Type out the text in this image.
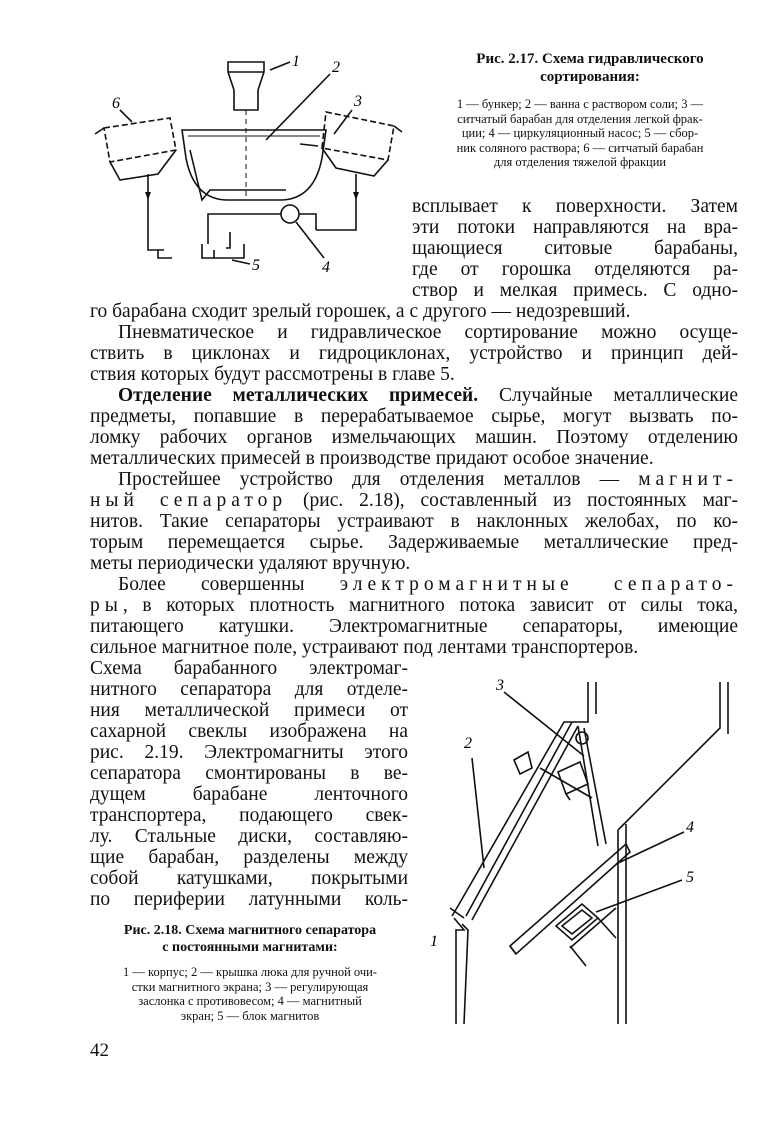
1 2
3
4
5
6
Рис. 2.17. Схема гидравлического
сортирования:
1 — бункер; 2 — ванна с раствором соли; 3 —
ситчатый барабан для отделения легкой фрак-
ции; 4 — циркуляционный насос; 5 — сбор-
ник соляного раствора; 6 — ситчатый барабан
для отделения тяжелой фракции
всплывает к поверхности. Затем
эти потоки направляются на вра-
щающиеся ситовые барабаны,
где от горошка отделяются ра-
створ и мелкая примесь. С одно-
го барабана сходит зрелый горошек, а с другого — недозревший.
Пневматическое и гидравлическое сортирование можно осуще-
ствить в циклонах и гидроциклонах, устройство и принцип дей-
ствия которых будут рассмотрены в главе 5.
Отделение металлических примесей. Случайные металлические
предметы, попавшие в перерабатываемое сырье, могут вызвать по-
ломку рабочих органов измельчающих машин. Поэтому отделению
металлических примесей в производстве придают особое значение.
Простейшее устройство для отделения металлов — магнит-
ный сепаратор (рис. 2.18), составленный из постоянных маг-
нитов. Такие сепараторы устраивают в наклонных желобах, по ко-
торым перемещается сырье. Задерживаемые металлические пред-
меты периодически удаляют вручную.
Более совершенны электромагнитные сепарато-
ры, в которых плотность магнитного потока зависит от силы тока,
питающего катушки. Электромагнитные сепараторы, имеющие
сильное магнитное поле, устраивают под лентами транспортеров.
Схема барабанного электромаг-
нитного сепаратора для отделе-
ния металлической примеси от
сахарной свеклы изображена на
рис. 2.19. Электромагниты этого
сепаратора смонтированы в ве-
дущем барабане ленточного
транспортера, подающего свек-
лу. Стальные диски, составляю-
щие барабан, разделены между
собой катушками, покрытыми
по периферии латунными коль-
Рис. 2.18. Схема магнитного сепаратора
с постоянными магнитами:
1 — корпус; 2 — крышка люка для ручной очи-
стки магнитного экрана; 3 — регулирующая
заслонка с противовесом; 4 — магнитный
экран; 5 — блок магнитов
3
2
4
5
1
42
